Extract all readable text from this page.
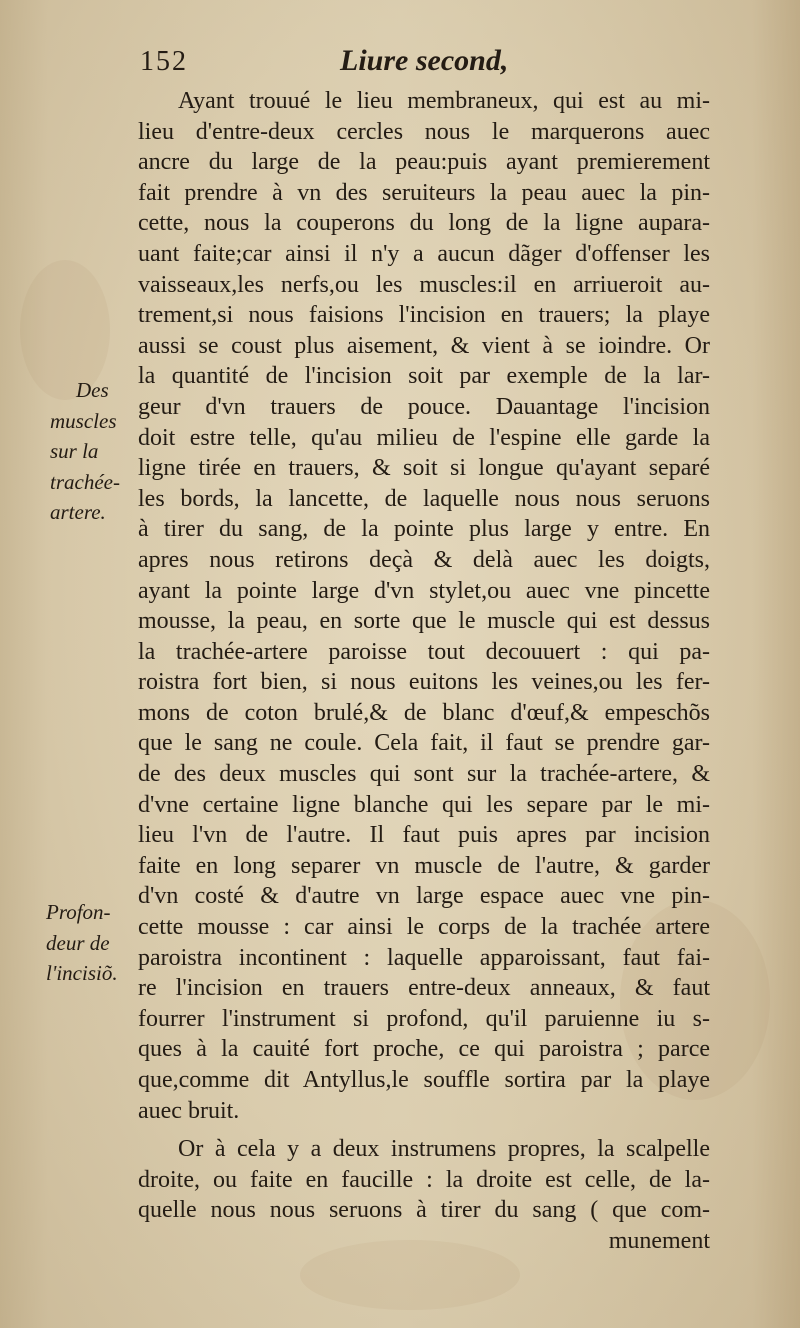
152	Liure second,
Des
muscles
sur la
trachée-
artere.
Profon-
deur de
l'incisiõ.
Ayant trouué le lieu membraneux, qui est au mi-
lieu d'entre-deux cercles nous le marquerons auec
ancre du large de la peau:puis ayant premierement
fait prendre à vn des seruiteurs la peau auec la pin-
cette, nous la couperons du long de la ligne aupara-
uant faite;car ainsi il n'y a aucun dãger d'offenser les
vaisseaux,les nerfs,ou les muscles:il en arriueroit au-
trement,si nous faisions l'incision en trauers; la playe
aussi se coust plus aisement, & vient à se ioindre. Or
la quantité de l'incision soit par exemple de la lar-
geur d'vn trauers de pouce. Dauantage l'incision
doit estre telle, qu'au milieu de l'espine elle garde la
ligne tirée en trauers, & soit si longue qu'ayant separé
les bords, la lancette, de laquelle nous nous seruons
à tirer du sang, de la pointe plus large y entre. En
apres nous retirons deçà & delà auec les doigts,
ayant la pointe large d'vn stylet,ou auec vne pincette
mousse, la peau, en sorte que le muscle qui est dessus
la trachée-artere paroisse tout decouuert : qui pa-
roistra fort bien, si nous euitons les veines,ou les fer-
mons de coton brulé,& de blanc d'œuf,& empeschõs
que le sang ne coule. Cela fait, il faut se prendre gar-
de des deux muscles qui sont sur la trachée-artere, &
d'vne certaine ligne blanche qui les separe par le mi-
lieu l'vn de l'autre. Il faut puis apres par incision
faite en long separer vn muscle de l'autre, & garder
d'vn costé & d'autre vn large espace auec vne pin-
cette mousse : car ainsi le corps de la trachée artere
paroistra incontinent : laquelle apparoissant, faut fai-
re l'incision en trauers entre-deux anneaux, & faut
fourrer l'instrument si profond, qu'il paruienne iu s-
ques à la cauité fort proche, ce qui paroistra ; parce
que,comme dit Antyllus,le souffle sortira par la playe
auec bruit.
Or à cela y a deux instrumens propres, la scalpelle
droite, ou faite en faucille : la droite est celle, de la-
quelle nous nous seruons à tirer du sang ( que com-
munement
